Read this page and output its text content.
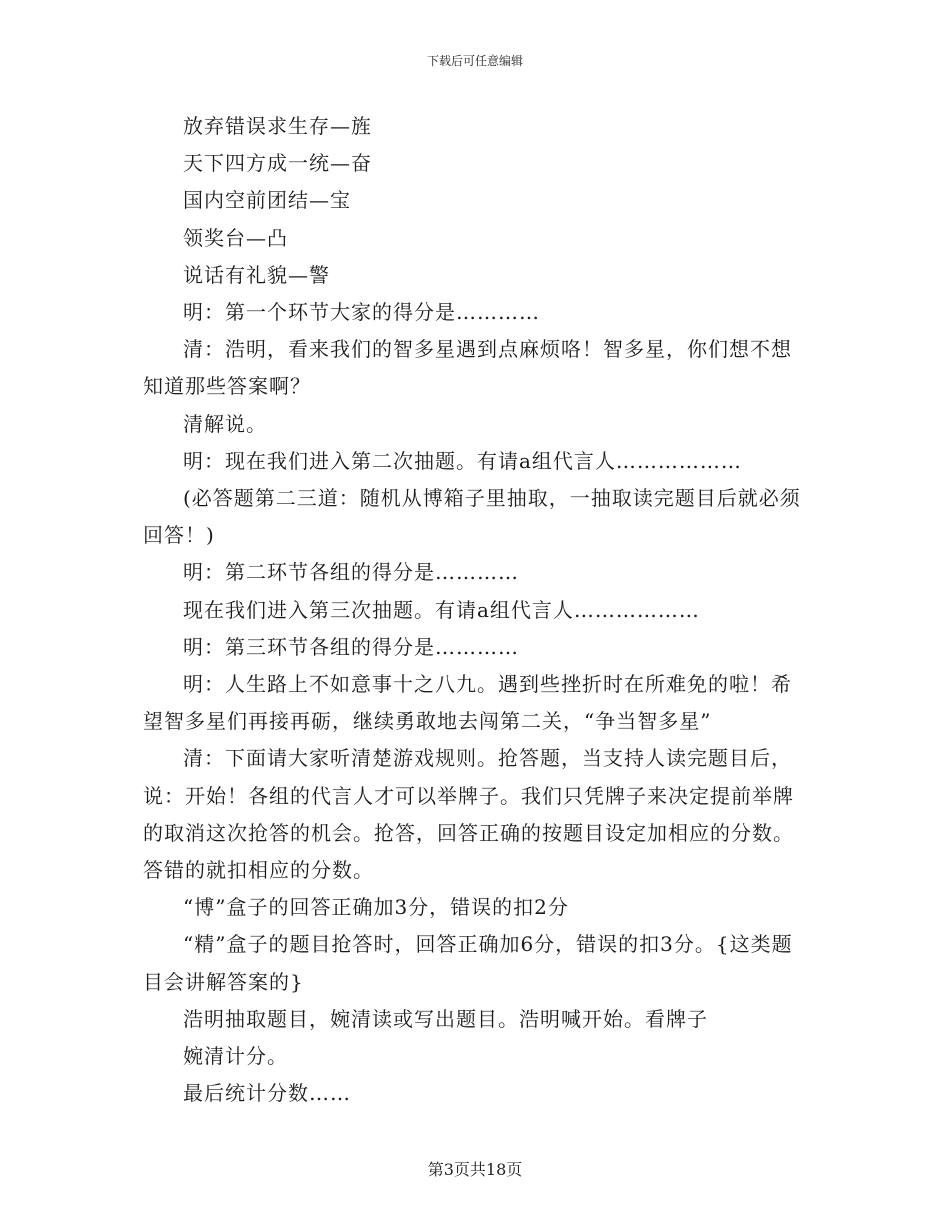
下载后可任意编辑

放弃错误求生存—旌

天下四方成一统—奋

国内空前团结—宝

领奖台—凸

说话有礼貌—警

明：第一个环节大家的得分是…………

清：浩明，看来我们的智多星遇到点麻烦咯！智多星，你们想不想知道那些答案啊？

清解说。

明：现在我们进入第二次抽题。有请a组代言人………………

(必答题第二三道：随机从博箱子里抽取，一抽取读完题目后就必须回答！)

明：第二环节各组的得分是…………

现在我们进入第三次抽题。有请a组代言人………………

明：第三环节各组的得分是…………

明：人生路上不如意事十之八九。遇到些挫折时在所难免的啦！希望智多星们再接再砺，继续勇敢地去闯第二关，“争当智多星”

清：下面请大家听清楚游戏规则。抢答题，当支持人读完题目后，说：开始！各组的代言人才可以举牌子。我们只凭牌子来决定提前举牌的取消这次抢答的机会。抢答，回答正确的按题目设定加相应的分数。答错的就扣相应的分数。

“博”盒子的回答正确加3分，错误的扣2分

“精”盒子的题目抢答时，回答正确加6分，错误的扣3分。{这类题目会讲解答案的}

浩明抽取题目，婉清读或写出题目。浩明喊开始。看牌子

婉清计分。

最后统计分数……

第3页共18页
